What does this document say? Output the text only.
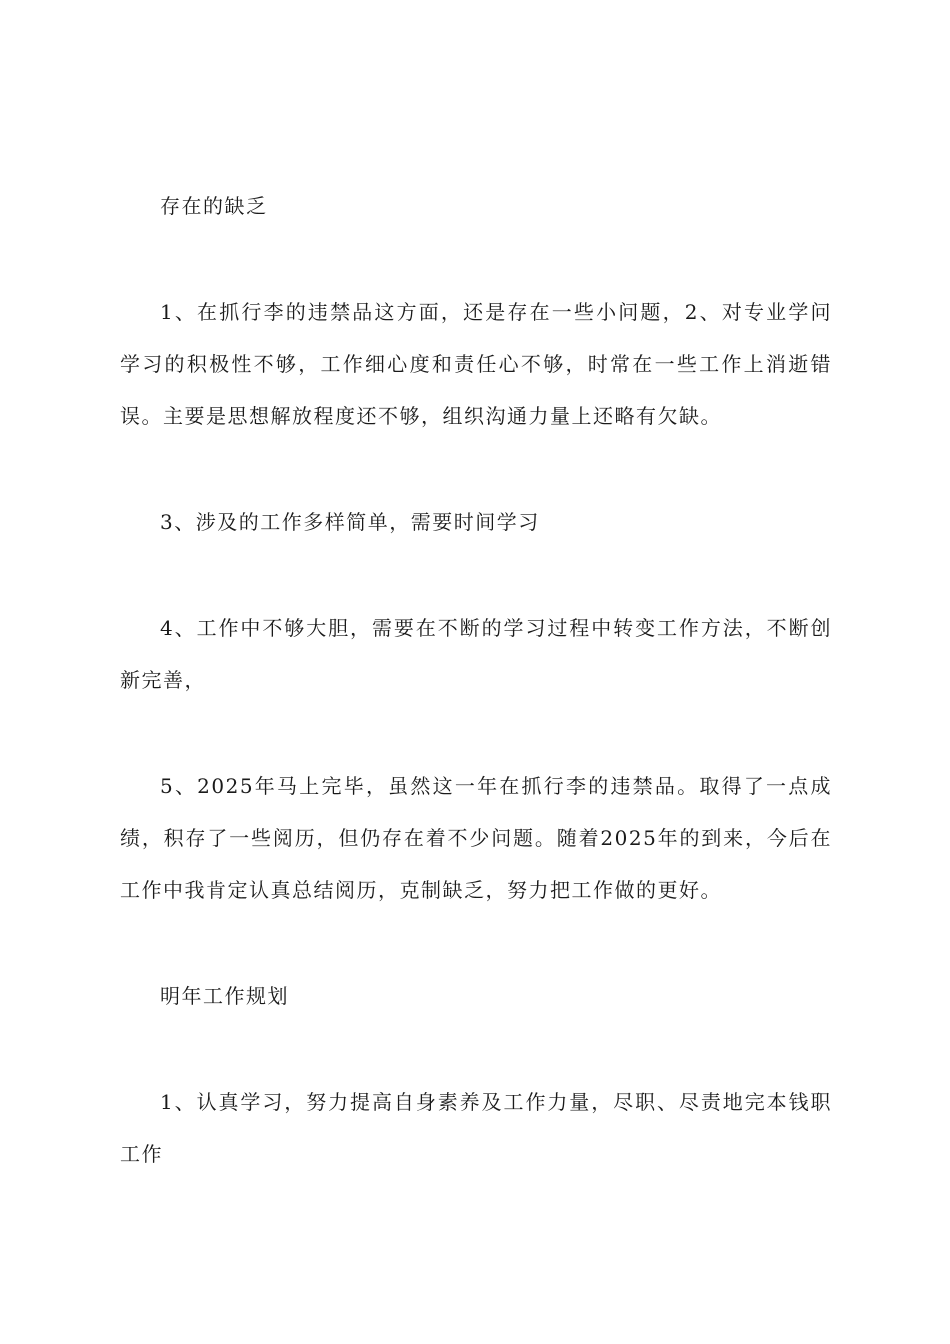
存在的缺乏

1、在抓行李的违禁品这方面，还是存在一些小问题，2、对专业学问学习的积极性不够，工作细心度和责任心不够，时常在一些工作上消逝错误。主要是思想解放程度还不够，组织沟通力量上还略有欠缺。

3、涉及的工作多样简单，需要时间学习

4、工作中不够大胆，需要在不断的学习过程中转变工作方法，不断创新完善，

5、2025年马上完毕，虽然这一年在抓行李的违禁品。取得了一点成绩，积存了一些阅历，但仍存在着不少问题。随着2025年的到来，今后在工作中我肯定认真总结阅历，克制缺乏，努力把工作做的更好。

明年工作规划

1、认真学习，努力提高自身素养及工作力量，尽职、尽责地完本钱职工作
